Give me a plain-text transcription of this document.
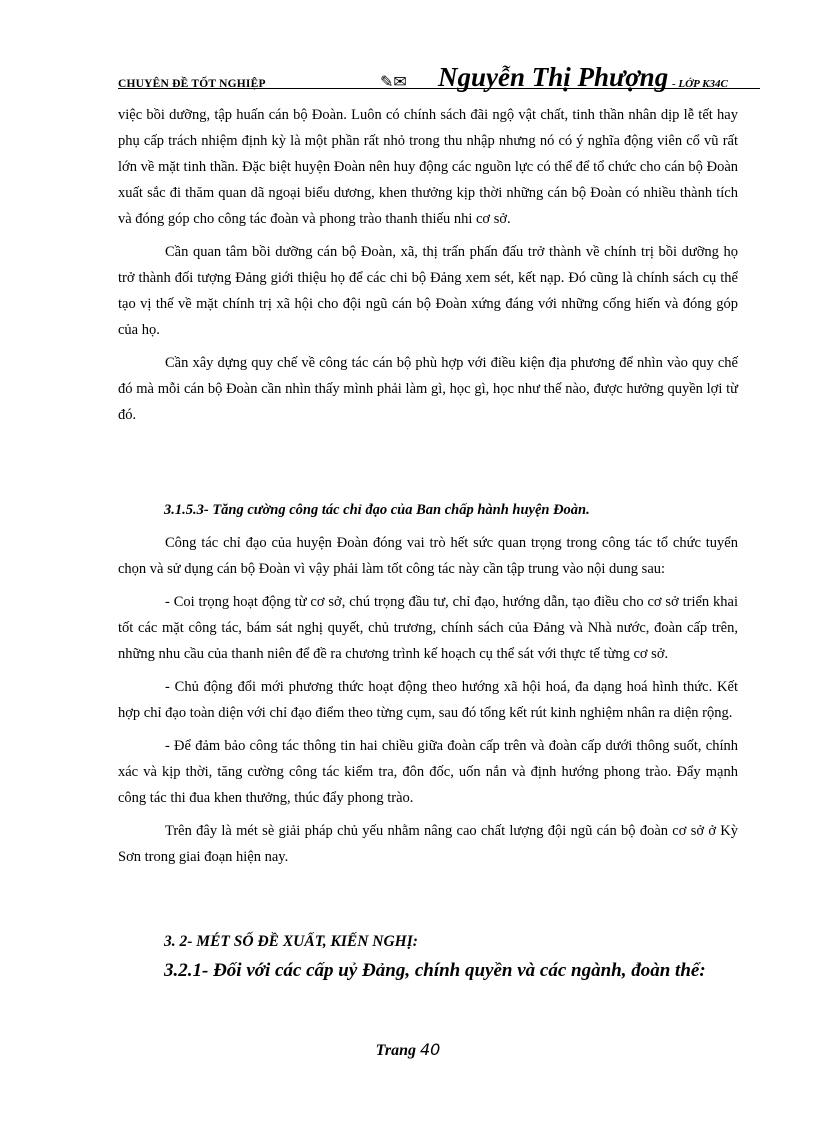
CHUYÊN ĐỀ TỐT NGHIỆP	✎✉ Nguyễn Thị Phượng - LỚP K34C

việc bồi dưỡng, tập huấn cán bộ Đoàn. Luôn có chính sách đãi ngộ vật chất, tinh thần nhân dịp lễ tết hay phụ cấp trách nhiệm định kỳ là một phần rất nhỏ trong thu nhập nhưng nó có ý nghĩa động viên cổ vũ rất lớn về mặt tinh thần. Đặc biệt huyện Đoàn nên huy động các nguồn lực có thể để tổ chức cho cán bộ Đoàn xuất sắc đi thăm quan dã ngoại biểu dương, khen thưởng kịp thời những cán bộ Đoàn có nhiều thành tích và đóng góp cho công tác đoàn và phong trào thanh thiếu nhi cơ sở.

Cần quan tâm bồi dưỡng cán bộ Đoàn, xã, thị trấn phấn đấu trở thành về chính trị bồi dưỡng họ trở thành đối tượng Đảng giới thiệu họ để các chi bộ Đảng xem sét, kết nạp. Đó cũng là chính sách cụ thể tạo vị thế về mặt chính trị xã hội cho đội ngũ cán bộ Đoàn xứng đáng với những cống hiến và đóng góp của họ.

Cần xây dựng quy chế về công tác cán bộ phù hợp với điều kiện địa phương để nhìn vào quy chế đó mà mỗi cán bộ Đoàn cần nhìn thấy mình phải làm gì, học gì, học như thế nào, được hưởng quyền lợi từ đó.

3.1.5.3- Tăng cường công tác chỉ đạo của Ban chấp hành huyện Đoàn.

Công tác chỉ đạo của huyện Đoàn đóng vai trò hết sức quan trọng trong công tác tổ chức tuyển chọn và sử dụng cán bộ Đoàn vì vậy phải làm tốt công tác này cần tập trung vào nội dung sau:

- Coi trọng hoạt động từ cơ sở, chú trọng đầu tư, chỉ đạo, hướng dẫn, tạo điều cho cơ sở triển khai tốt các mặt công tác, bám sát nghị quyết, chủ trương, chính sách của Đảng và Nhà nước, đoàn cấp trên, những nhu cầu của thanh niên để đề ra chương trình kế hoạch cụ thể sát với thực tế từng cơ sở.

- Chủ động đổi mới phương thức hoạt động theo hướng xã hội hoá, đa dạng hoá hình thức. Kết hợp chỉ đạo toàn diện với chỉ đạo điểm theo từng cụm, sau đó tổng kết rút kinh nghiệm nhân ra diện rộng.

- Để đảm bảo công tác thông tin hai chiều giữa đoàn cấp trên và đoàn cấp dưới thông suốt, chính xác và kịp thời, tăng cường công tác kiểm tra, đôn đốc, uốn nắn và định hướng phong trào. Đẩy mạnh công tác thi đua khen thưởng, thúc đẩy phong trào.

Trên đây là mét sè giải pháp chủ yếu nhằm nâng cao chất lượng đội ngũ cán bộ đoàn cơ sở ở Kỳ Sơn trong giai đoạn hiện nay.

3. 2- MÉT SỐ ĐỀ XUẤT, KIẾN NGHỊ:
3.2.1- Đối với các cấp uỷ Đảng, chính quyền và các ngành, đoàn thể:
Trang 40
